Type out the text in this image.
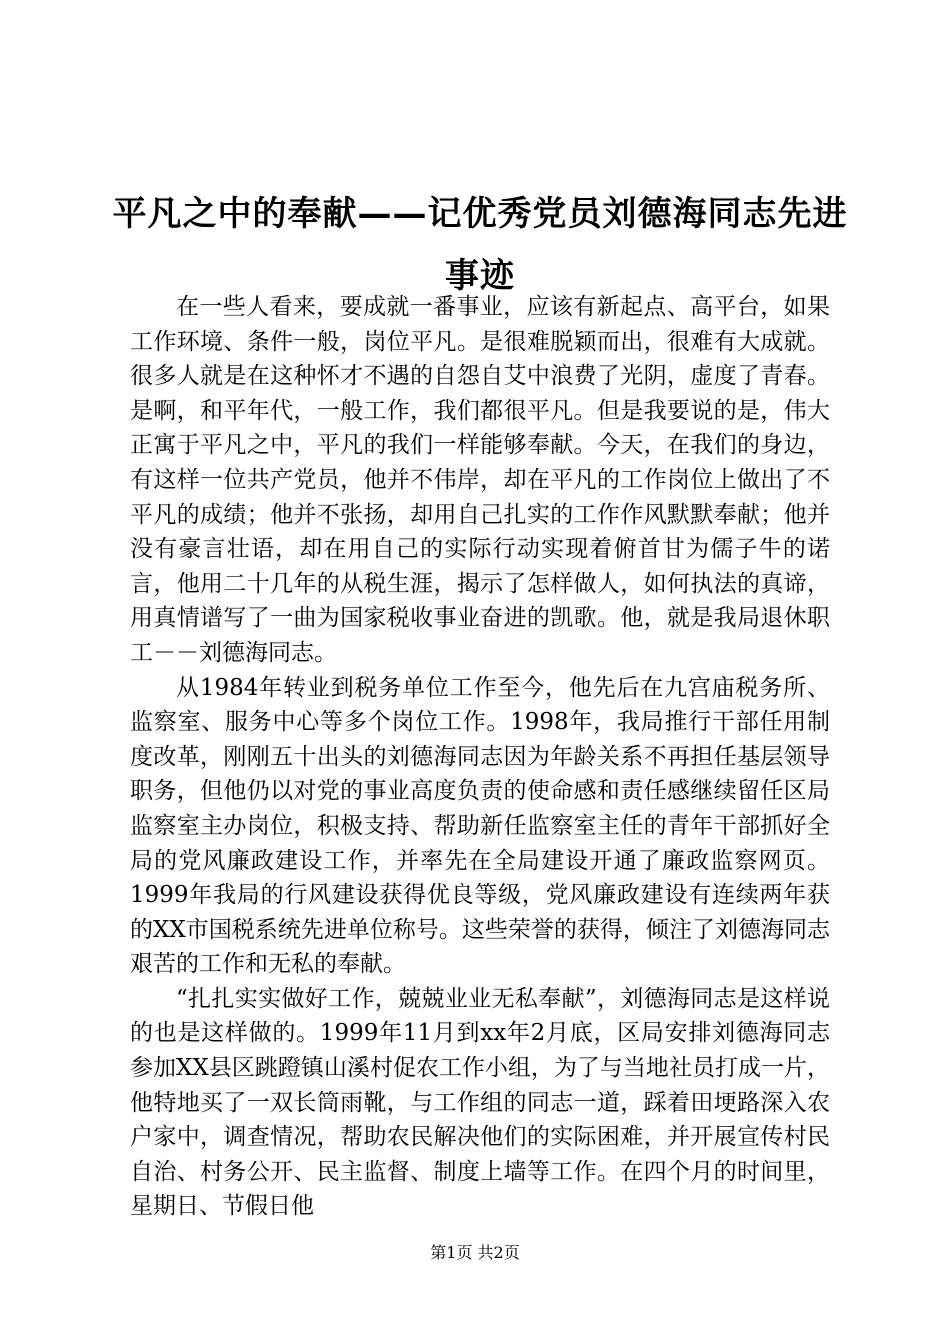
平凡之中的奉献——记优秀党员刘德海同志先进事迹

在一些人看来，要成就一番事业，应该有新起点、高平台，如果工作环境、条件一般，岗位平凡。是很难脱颖而出，很难有大成就。很多人就是在这种怀才不遇的自怨自艾中浪费了光阴，虚度了青春。是啊，和平年代，一般工作，我们都很平凡。但是我要说的是，伟大正寓于平凡之中，平凡的我们一样能够奉献。今天，在我们的身边，有这样一位共产党员，他并不伟岸，却在平凡的工作岗位上做出了不平凡的成绩；他并不张扬，却用自己扎实的工作作风默默奉献；他并没有豪言壮语，却在用自己的实际行动实现着俯首甘为儒子牛的诺言，他用二十几年的从税生涯，揭示了怎样做人，如何执法的真谛，用真情谱写了一曲为国家税收事业奋进的凯歌。他，就是我局退休职工－－刘德海同志。

从1984年转业到税务单位工作至今，他先后在九宫庙税务所、监察室、服务中心等多个岗位工作。1998年，我局推行干部任用制度改革，刚刚五十出头的刘德海同志因为年龄关系不再担任基层领导职务，但他仍以对党的事业高度负责的使命感和责任感继续留任区局监察室主办岗位，积极支持、帮助新任监察室主任的青年干部抓好全局的党风廉政建设工作，并率先在全局建设开通了廉政监察网页。1999年我局的行风建设获得优良等级，党风廉政建设有连续两年获的XX市国税系统先进单位称号。这些荣誉的获得，倾注了刘德海同志艰苦的工作和无私的奉献。

“扎扎实实做好工作，兢兢业业无私奉献”，刘德海同志是这样说的也是这样做的。1999年11月到xx年2月底，区局安排刘德海同志参加XX县区跳蹬镇山溪村促农工作小组，为了与当地社员打成一片，他特地买了一双长筒雨靴，与工作组的同志一道，踩着田埂路深入农户家中，调查情况，帮助农民解决他们的实际困难，并开展宣传村民自治、村务公开、民主监督、制度上墙等工作。在四个月的时间里，星期日、节假日他

第1页 共2页
